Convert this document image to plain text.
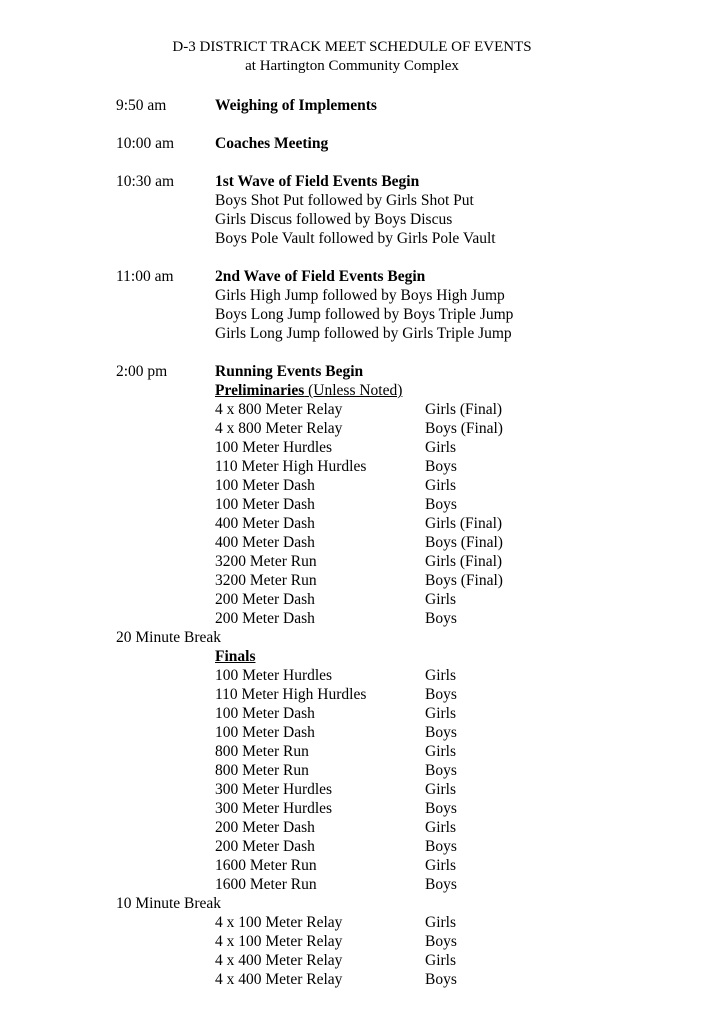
D-3 DISTRICT TRACK MEET SCHEDULE OF EVENTS
at Hartington Community Complex
9:50 am	Weighing of Implements
10:00 am	Coaches Meeting
10:30 am	1st Wave of Field Events Begin
Boys Shot Put followed by Girls Shot Put
Girls Discus followed by Boys Discus
Boys Pole Vault followed by Girls Pole Vault
11:00 am	2nd Wave of Field Events Begin
Girls High Jump followed by Boys High Jump
Boys Long Jump followed by Boys Triple Jump
Girls Long Jump followed by Girls Triple Jump
2:00 pm	Running Events Begin
Preliminaries (Unless Noted)
4 x 800 Meter Relay	Girls (Final)
4 x 800 Meter Relay	Boys (Final)
100 Meter Hurdles	Girls
110 Meter High Hurdles	Boys
100 Meter Dash	Girls
100 Meter Dash	Boys
400 Meter Dash	Girls (Final)
400 Meter Dash	Boys (Final)
3200 Meter Run	Girls (Final)
3200 Meter Run	Boys (Final)
200 Meter Dash	Girls
200 Meter Dash	Boys
20 Minute Break
Finals
100 Meter Hurdles	Girls
110 Meter High Hurdles	Boys
100 Meter Dash	Girls
100 Meter Dash	Boys
800 Meter Run	Girls
800 Meter Run	Boys
300 Meter Hurdles	Girls
300 Meter Hurdles	Boys
200 Meter Dash	Girls
200 Meter Dash	Boys
1600 Meter Run	Girls
1600 Meter Run	Boys
10 Minute Break
4 x 100 Meter Relay	Girls
4 x 100 Meter Relay	Boys
4 x 400 Meter Relay	Girls
4 x 400 Meter Relay	Boys
